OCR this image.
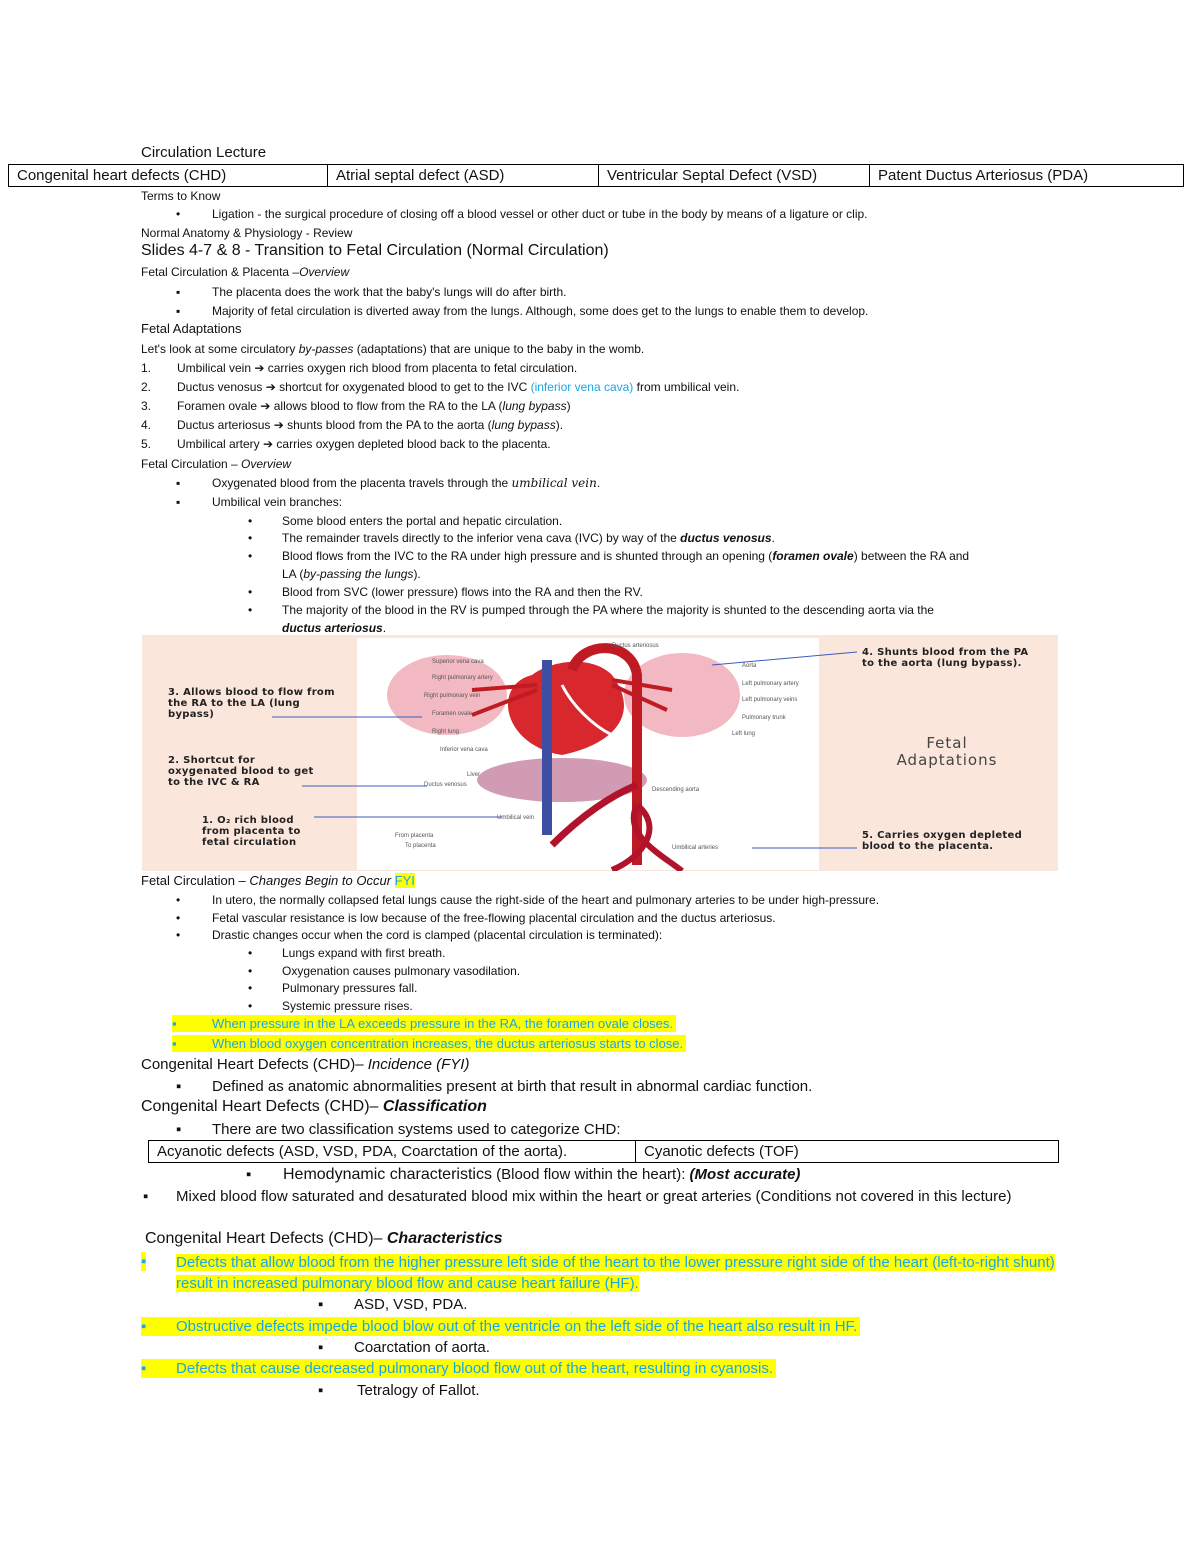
Circulation Lecture
Congenital heart defects (CHD)	Atrial septal defect (ASD)	Ventricular Septal Defect (VSD)	Patent Ductus Arteriosus (PDA)
Terms to Know
•	Ligation - the surgical procedure of closing off a blood vessel or other duct or tube in the body by means of a ligature or clip.
Normal Anatomy & Physiology - Review
Slides 4-7 & 8 - Transition to Fetal Circulation (Normal Circulation)
Fetal Circulation & Placenta –Overview
▪	The placenta does the work that the baby's lungs will do after birth.
▪	Majority of fetal circulation is diverted away from the lungs. Although, some does get to the lungs to enable them to develop.
Fetal Adaptations
Let's look at some circulatory by-passes (adaptations) that are unique to the baby in the womb.
1. Umbilical vein ➔ carries oxygen rich blood from placenta to fetal circulation.
2. Ductus venosus ➔ shortcut for oxygenated blood to get to the IVC (inferior vena cava) from umbilical vein.
3. Foramen ovale ➔ allows blood to flow from the RA to the LA (lung bypass)
4. Ductus arteriosus ➔ shunts blood from the PA to the aorta (lung bypass).
5. Umbilical artery ➔ carries oxygen depleted blood back to the placenta.
Fetal Circulation – Overview
▪	Oxygenated blood from the placenta travels through the umbilical vein.
▪	Umbilical vein branches:
• Some blood enters the portal and hepatic circulation.
• The remainder travels directly to the inferior vena cava (IVC) by way of the ductus venosus.
• Blood flows from the IVC to the RA under high pressure and is shunted through an opening (foramen ovale) between the RA and
LA (by-passing the lungs).
• Blood from SVC (lower pressure) flows into the RA and then the RV.
• The majority of the blood in the RV is pumped through the PA where the majority is shunted to the descending aorta via the
ductus arteriosus.
Ductus arteriosus
Superior vena cava
Right pulmonary artery
Right pulmonary vein
Foramen ovale
Right lung
Inferior vena cava
Liver
Ductus venosus
Umbilical vein
From placenta
To placenta
Aorta
Left pulmonary artery
Left pulmonary veins
Pulmonary trunk
Left lung
Descending aorta
Umbilical arteries
3. Allows blood to flow from the RA to the LA (lung bypass)
2. Shortcut for oxygenated blood to get to the IVC & RA
1. O₂ rich blood from placenta to fetal circulation
4. Shunts blood from the PA to the aorta (lung bypass).
5. Carries oxygen depleted blood to the placenta.
Fetal
Adaptations
Fetal Circulation – Changes Begin to Occur FYI
•	In utero, the normally collapsed fetal lungs cause the right-side of the heart and pulmonary arteries to be under high-pressure.
•	Fetal vascular resistance is low because of the free-flowing placental circulation and the ductus arteriosus.
•	Drastic changes occur when the cord is clamped (placental circulation is terminated):
• Lungs expand with first breath.
• Oxygenation causes pulmonary vasodilation.
• Pulmonary pressures fall.
• Systemic pressure rises.
▪	When pressure in the LA exceeds pressure in the RA, the foramen ovale closes.
▪	When blood oxygen concentration increases, the ductus arteriosus starts to close.
Congenital Heart Defects (CHD)– Incidence (FYI)
▪ Defined as anatomic abnormalities present at birth that result in abnormal cardiac function.
Congenital Heart Defects (CHD)– Classification
▪ There are two classification systems used to categorize CHD:
Acyanotic defects (ASD, VSD, PDA, Coarctation of the aorta).	Cyanotic defects (TOF)
▪ Hemodynamic characteristics (Blood flow within the heart): (Most accurate)
▪ Mixed blood flow saturated and desaturated blood mix within the heart or great arteries (Conditions not covered in this lecture)
Congenital Heart Defects (CHD)– Characteristics
▪ Defects that allow blood from the higher pressure left side of the heart to the lower pressure right side of the heart (left-to-right shunt) result in increased pulmonary blood flow and cause heart failure (HF).
▪ ASD, VSD, PDA.
▪ Obstructive defects impede blood blow out of the ventricle on the left side of the heart also result in HF.
▪ Coarctation of aorta.
▪ Defects that cause decreased pulmonary blood flow out of the heart, resulting in cyanosis.
▪ Tetralogy of Fallot.
